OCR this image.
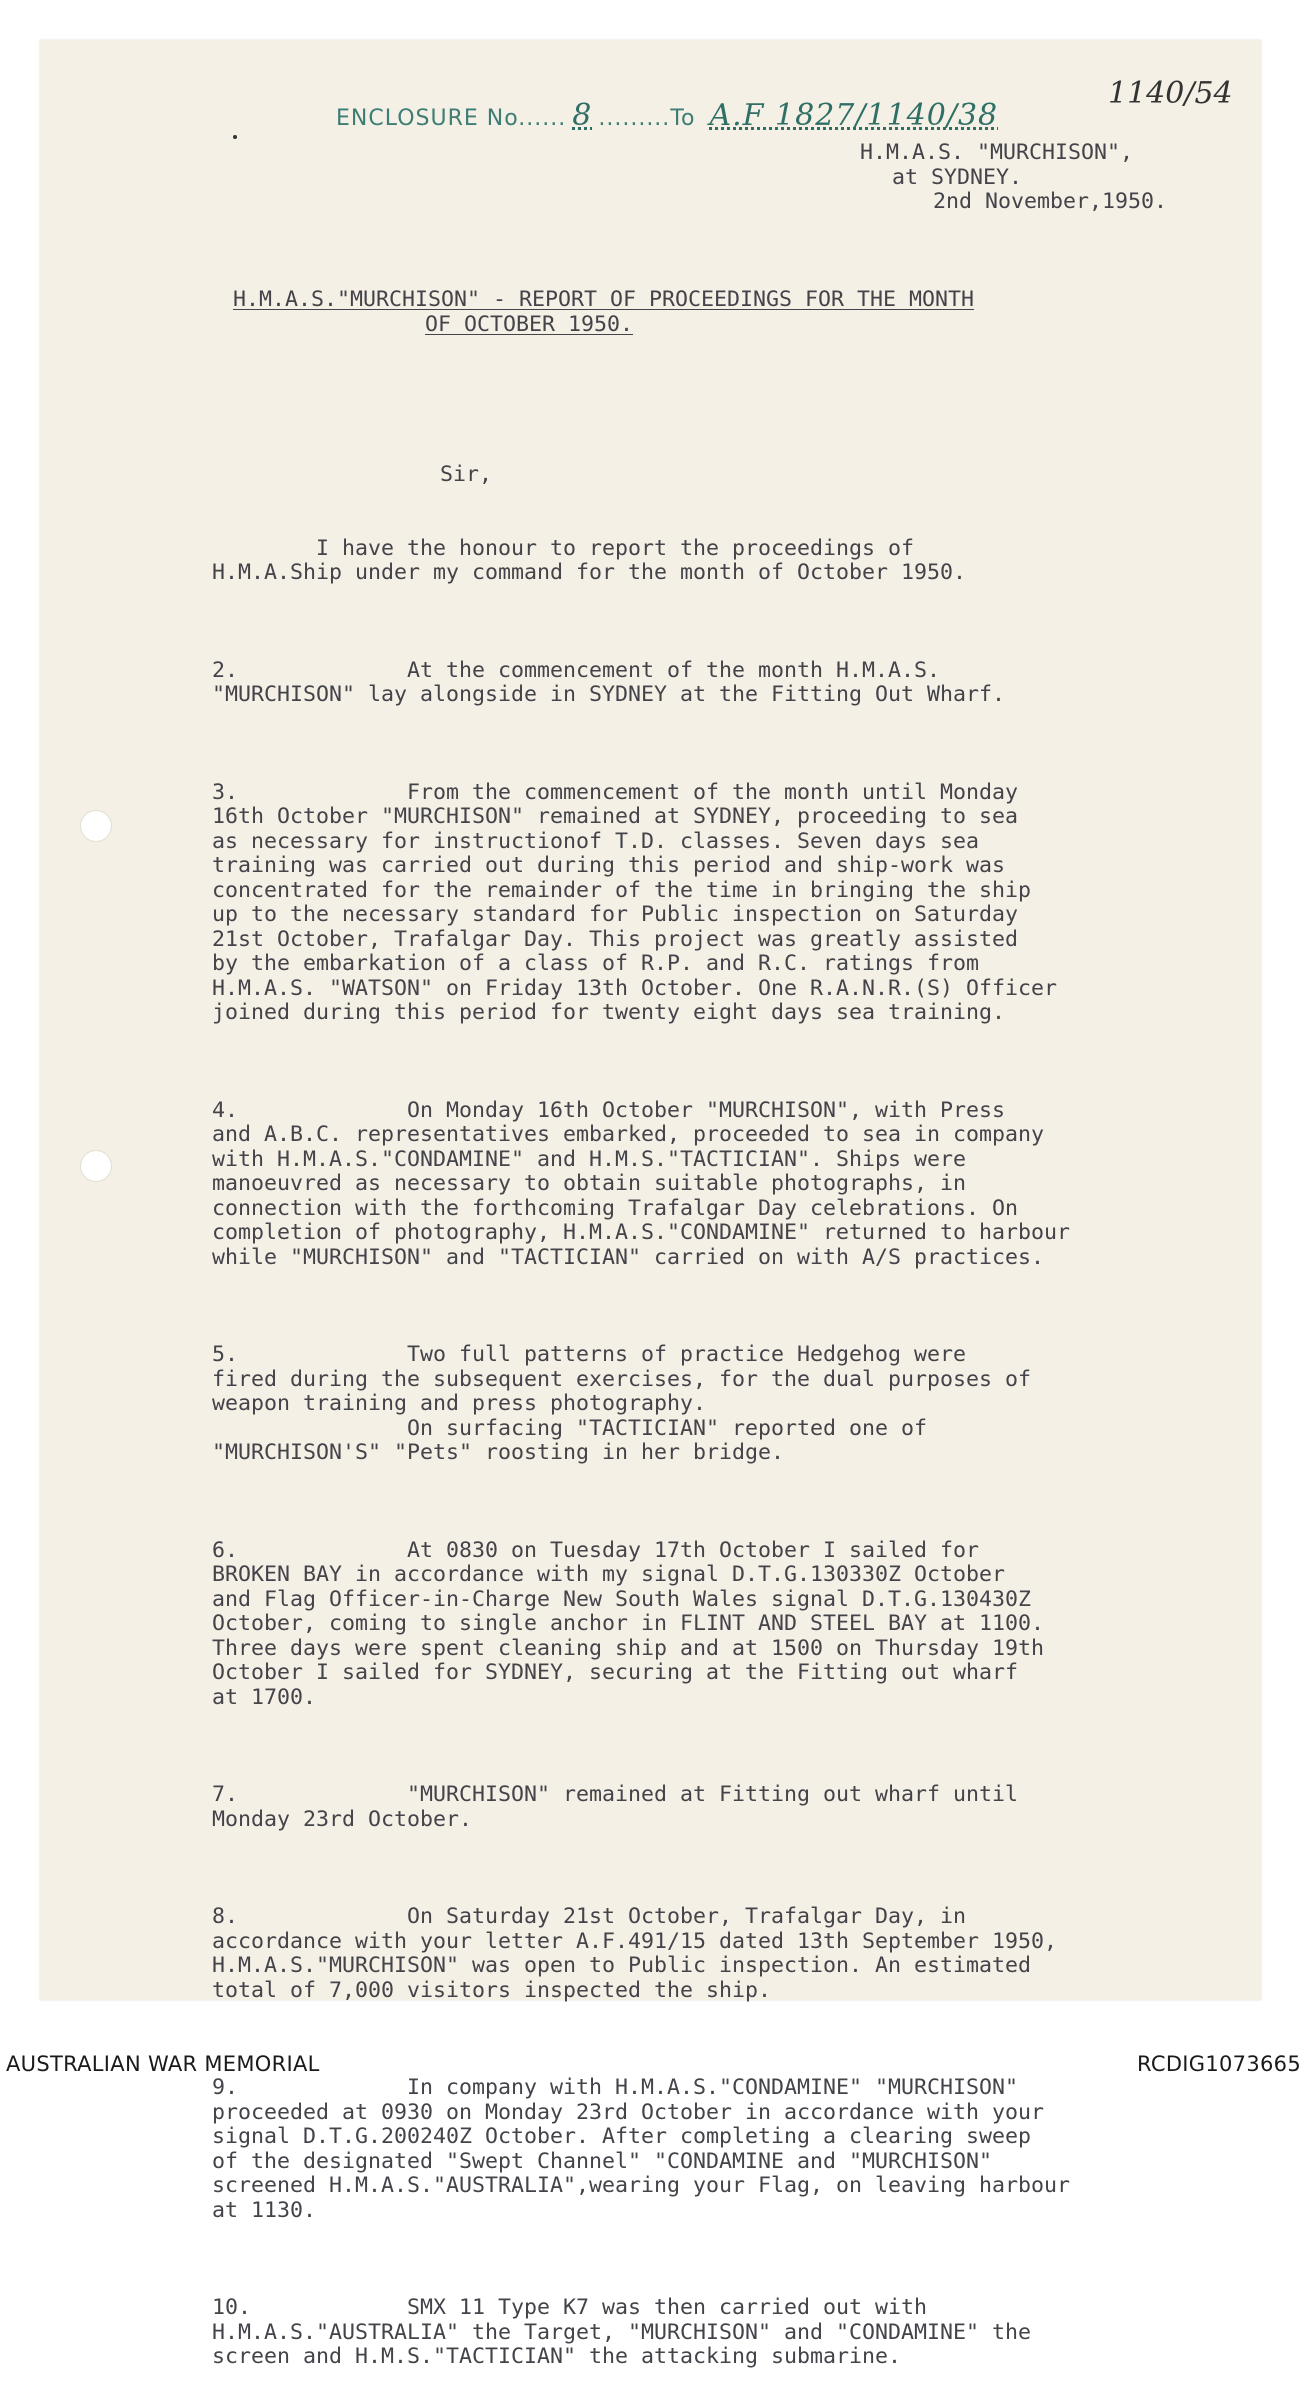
ENCLOSURE No...... 8 .........To A.F 1827/1140/38
1140/54
H.M.A.S. "MURCHISON",
at SYDNEY.
2nd November,1950.
H.M.A.S."MURCHISON" - REPORT OF PROCEEDINGS FOR THE MONTH
OF OCTOBER 1950.

Sir,

I have the honour to report the proceedings of
H.M.A.Ship under my command for the month of October 1950.

2.             At the commencement of the month H.M.A.S.
"MURCHISON" lay alongside in SYDNEY at the Fitting Out Wharf.

3.             From the commencement of the month until Monday
16th October "MURCHISON" remained at SYDNEY, proceeding to sea
as necessary for instructionof T.D. classes. Seven days sea
training was carried out during this period and ship-work was
concentrated for the remainder of the time in bringing the ship
up to the necessary standard for Public inspection on Saturday
21st October, Trafalgar Day. This project was greatly assisted
by the embarkation of a class of R.P. and R.C. ratings from
H.M.A.S. "WATSON" on Friday 13th October. One R.A.N.R.(S) Officer
joined during this period for twenty eight days sea training.

4.             On Monday 16th October "MURCHISON", with Press
and A.B.C. representatives embarked, proceeded to sea in company
with H.M.A.S."CONDAMINE" and H.M.S."TACTICIAN". Ships were
manoeuvred as necessary to obtain suitable photographs, in
connection with the forthcoming Trafalgar Day celebrations. On
completion of photography, H.M.A.S."CONDAMINE" returned to harbour
while "MURCHISON" and "TACTICIAN" carried on with A/S practices.

5.             Two full patterns of practice Hedgehog were
fired during the subsequent exercises, for the dual purposes of
weapon training and press photography.
On surfacing "TACTICIAN" reported one of
"MURCHISON'S" "Pets" roosting in her bridge.

6.             At 0830 on Tuesday 17th October I sailed for
BROKEN BAY in accordance with my signal D.T.G.130330Z October
and Flag Officer-in-Charge New South Wales signal D.T.G.130430Z
October, coming to single anchor in FLINT AND STEEL BAY at 1100.
Three days were spent cleaning ship and at 1500 on Thursday 19th
October I sailed for SYDNEY, securing at the Fitting out wharf
at 1700.

7.             "MURCHISON" remained at Fitting out wharf until
Monday 23rd October.

8.             On Saturday 21st October, Trafalgar Day, in
accordance with your letter A.F.491/15 dated 13th September 1950,
H.M.A.S."MURCHISON" was open to Public inspection. An estimated
total of 7,000 visitors inspected the ship.

9.             In company with H.M.A.S."CONDAMINE" "MURCHISON"
proceeded at 0930 on Monday 23rd October in accordance with your
signal D.T.G.200240Z October. After completing a clearing sweep
of the designated "Swept Channel" "CONDAMINE and "MURCHISON"
screened H.M.A.S."AUSTRALIA",wearing your Flag, on leaving harbour
at 1130.

10.            SMX 11 Type K7 was then carried out with
H.M.A.S."AUSTRALIA" the Target, "MURCHISON" and "CONDAMINE" the
screen and H.M.S."TACTICIAN" the attacking submarine.

AUSTRALIAN WAR MEMORIAL	RCDIG1073665
